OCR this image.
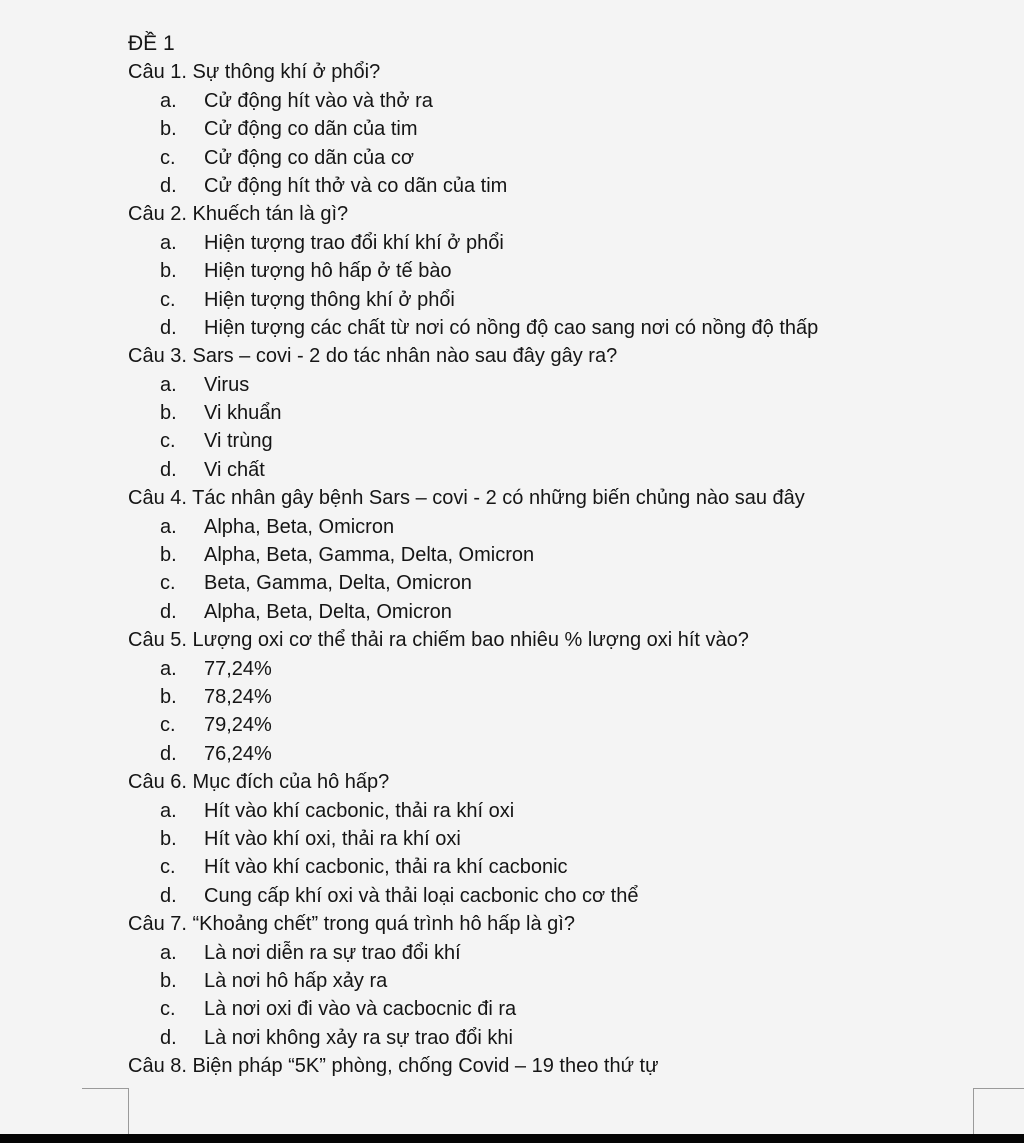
ĐỀ 1
Câu 1. Sự thông khí ở phổi?
a. Cử động hít vào và thở ra
b. Cử động co dãn của tim
c. Cử động co dãn của cơ
d. Cử động hít thở và co dãn của tim
Câu 2. Khuếch tán là gì?
a. Hiện tượng trao đổi khí khí ở phổi
b. Hiện tượng hô hấp ở tế bào
c. Hiện tượng thông khí ở phổi
d. Hiện tượng các chất từ nơi có nồng độ cao sang nơi có nồng độ thấp
Câu 3. Sars – covi - 2 do tác nhân nào sau đây gây ra?
a. Virus
b. Vi khuẩn
c. Vi trùng
d. Vi chất
Câu 4. Tác nhân gây bệnh Sars – covi - 2 có những biến chủng nào sau đây
a. Alpha, Beta, Omicron
b. Alpha, Beta, Gamma, Delta, Omicron
c. Beta, Gamma, Delta, Omicron
d. Alpha, Beta, Delta, Omicron
Câu 5. Lượng oxi cơ thể thải ra chiếm bao nhiêu % lượng oxi hít vào?
a. 77,24%
b. 78,24%
c. 79,24%
d. 76,24%
Câu 6. Mục đích của hô hấp?
a. Hít vào khí cacbonic, thải ra khí oxi
b. Hít vào khí oxi, thải ra khí oxi
c. Hít vào khí cacbonic, thải ra khí cacbonic
d. Cung cấp khí oxi và thải loại cacbonic cho cơ thể
Câu 7. “Khoảng chết” trong quá trình hô hấp là gì?
a. Là nơi diễn ra sự trao đổi khí
b. Là nơi hô hấp xảy ra
c. Là nơi oxi đi vào và cacbocnic đi ra
d. Là nơi không xảy ra sự trao đổi khi
Câu 8. Biện pháp “5K” phòng, chống Covid – 19 theo thứ tự
